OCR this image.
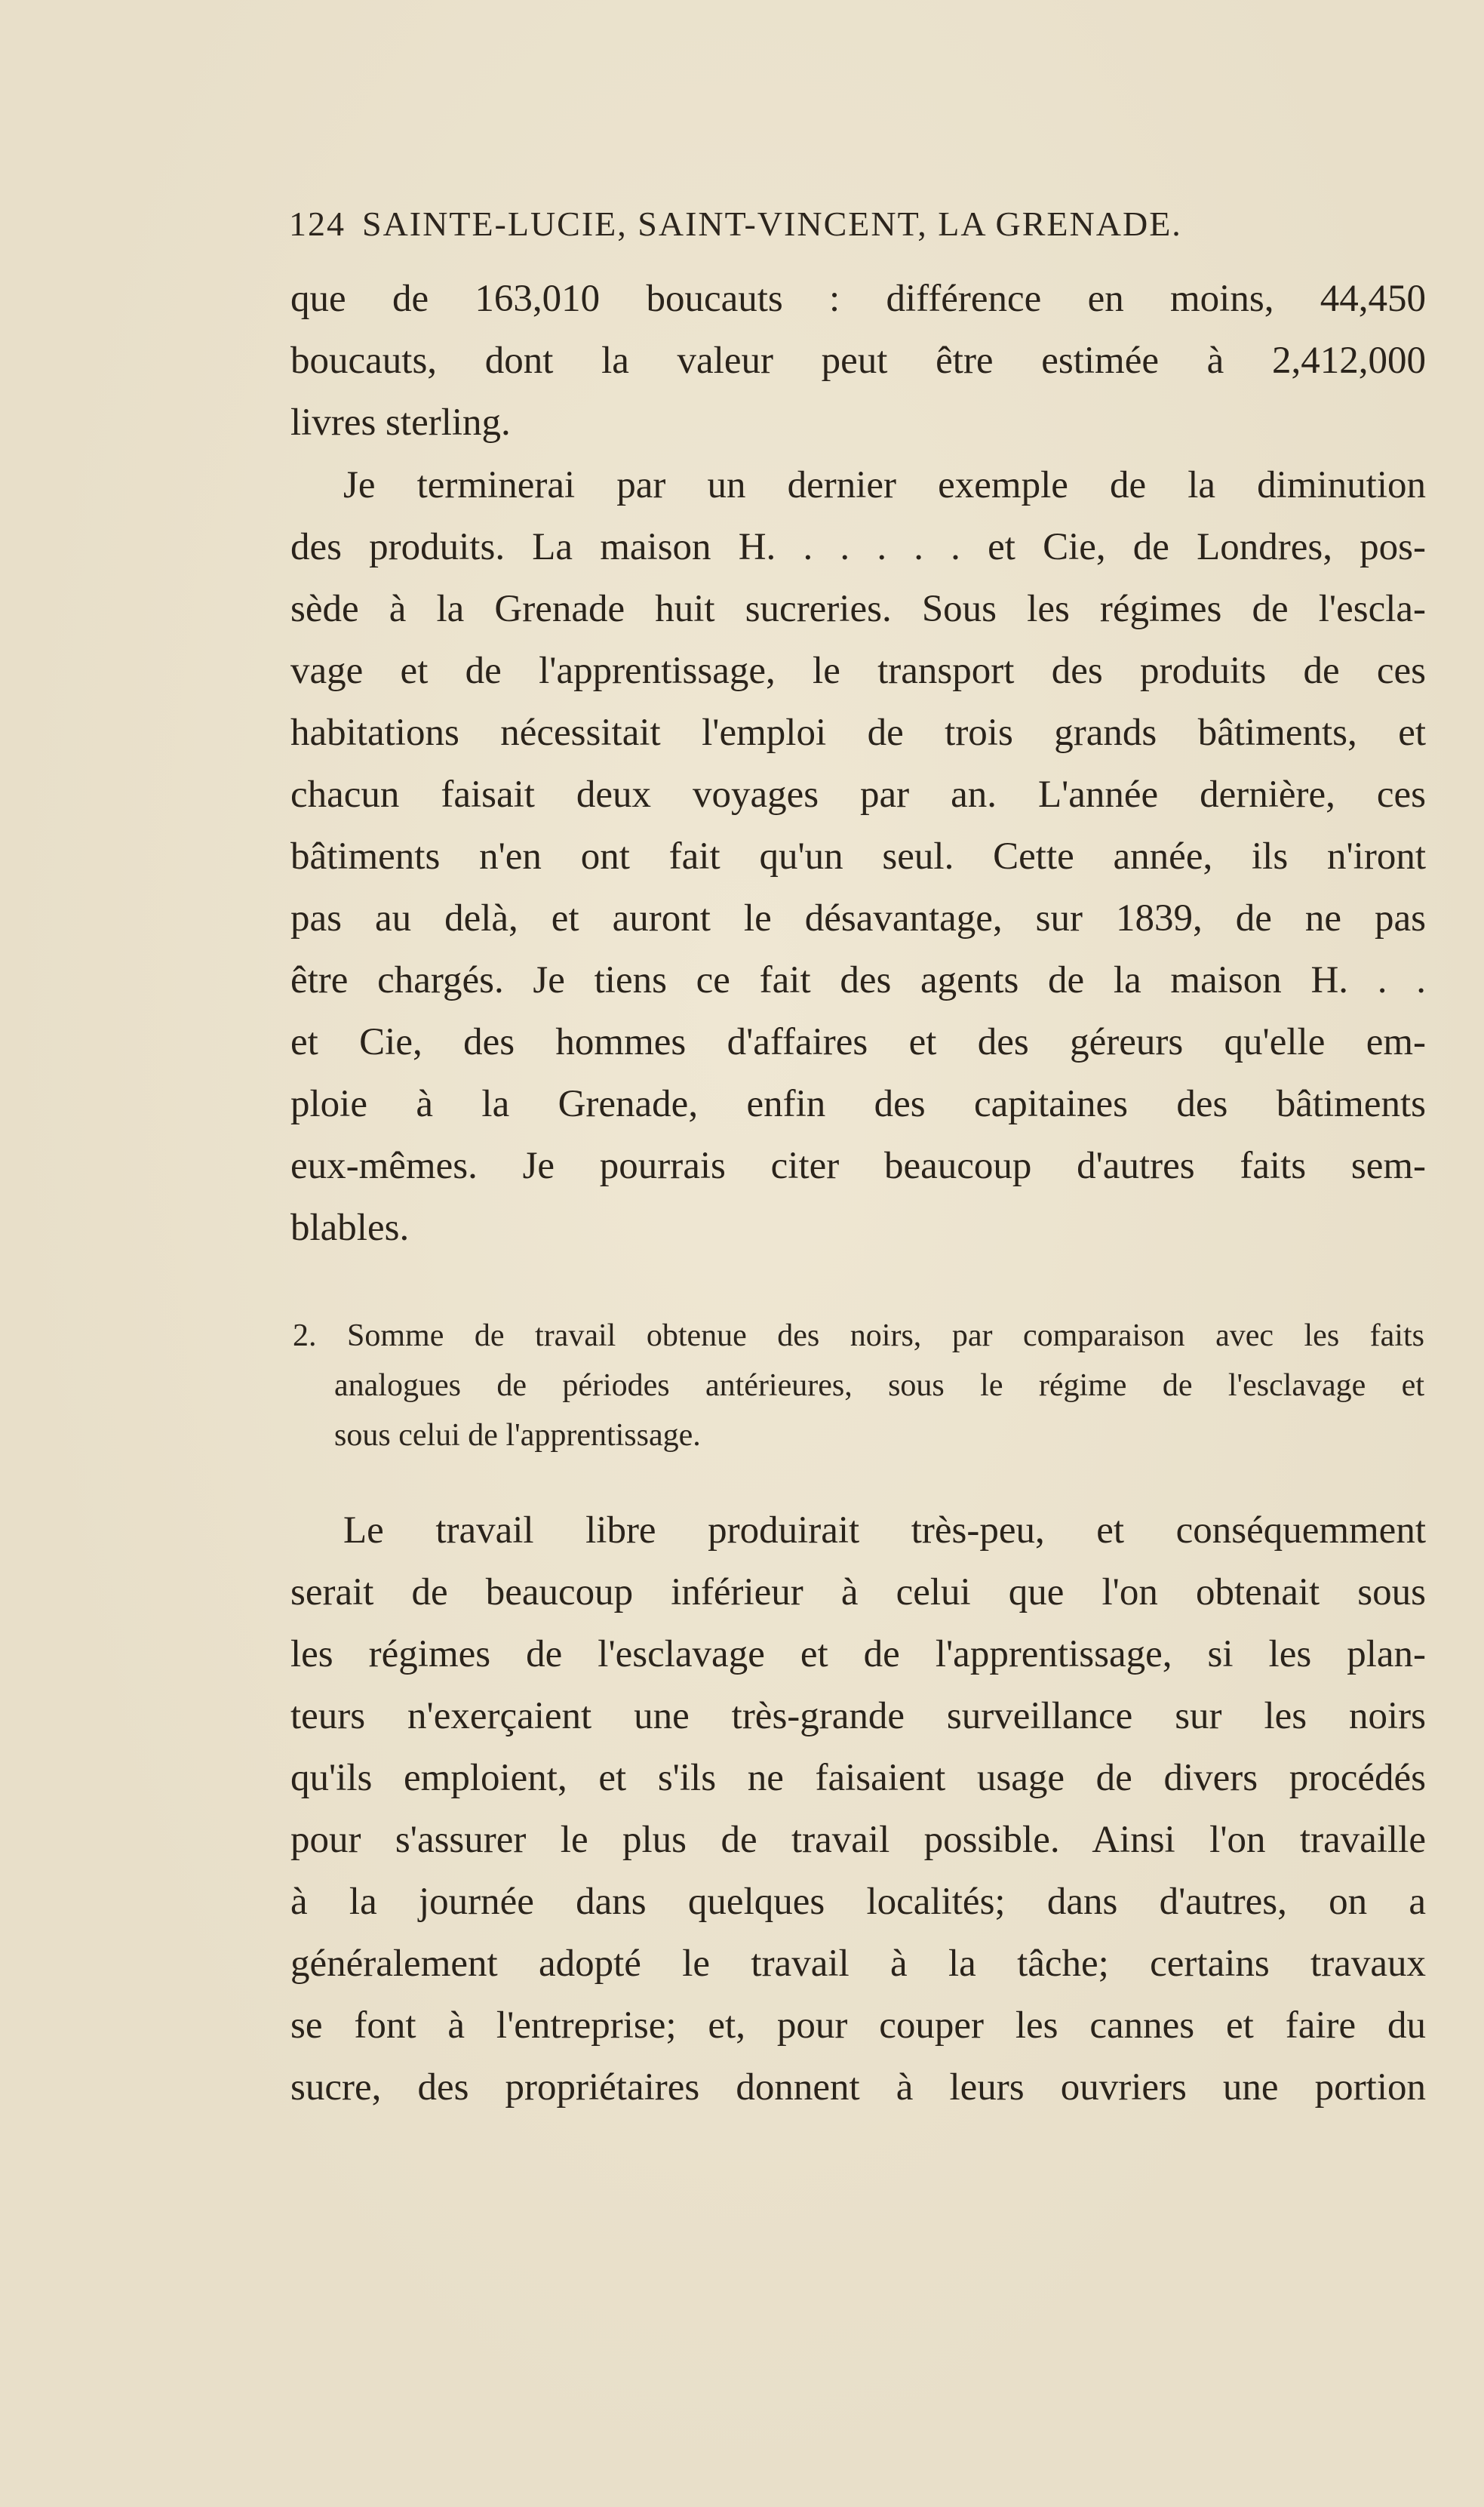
124 SAINTE-LUCIE, SAINT-VINCENT, LA GRENADE.
que de 163,010 boucauts : différence en moins, 44,450
boucauts, dont la valeur peut être estimée à 2,412,000
livres sterling.
Je terminerai par un dernier exemple de la diminution
des produits. La maison H. . . . . . et Cie, de Londres, pos-
sède à la Grenade huit sucreries. Sous les régimes de l'escla-
vage et de l'apprentissage, le transport des produits de ces
habitations nécessitait l'emploi de trois grands bâtiments, et
chacun faisait deux voyages par an. L'année dernière, ces
bâtiments n'en ont fait qu'un seul. Cette année, ils n'iront
pas au delà, et auront le désavantage, sur 1839, de ne pas
être chargés. Je tiens ce fait des agents de la maison H. . .
et Cie, des hommes d'affaires et des géreurs qu'elle em-
ploie à la Grenade, enfin des capitaines des bâtiments
eux-mêmes. Je pourrais citer beaucoup d'autres faits sem-
blables.
2. Somme de travail obtenue des noirs, par comparaison avec les faits
analogues de périodes antérieures, sous le régime de l'esclavage et
sous celui de l'apprentissage.
Le travail libre produirait très-peu, et conséquemment
serait de beaucoup inférieur à celui que l'on obtenait sous
les régimes de l'esclavage et de l'apprentissage, si les plan-
teurs n'exerçaient une très-grande surveillance sur les noirs
qu'ils emploient, et s'ils ne faisaient usage de divers procédés
pour s'assurer le plus de travail possible. Ainsi l'on travaille
à la journée dans quelques localités; dans d'autres, on a
généralement adopté le travail à la tâche; certains travaux
se font à l'entreprise; et, pour couper les cannes et faire du
sucre, des propriétaires donnent à leurs ouvriers une portion
